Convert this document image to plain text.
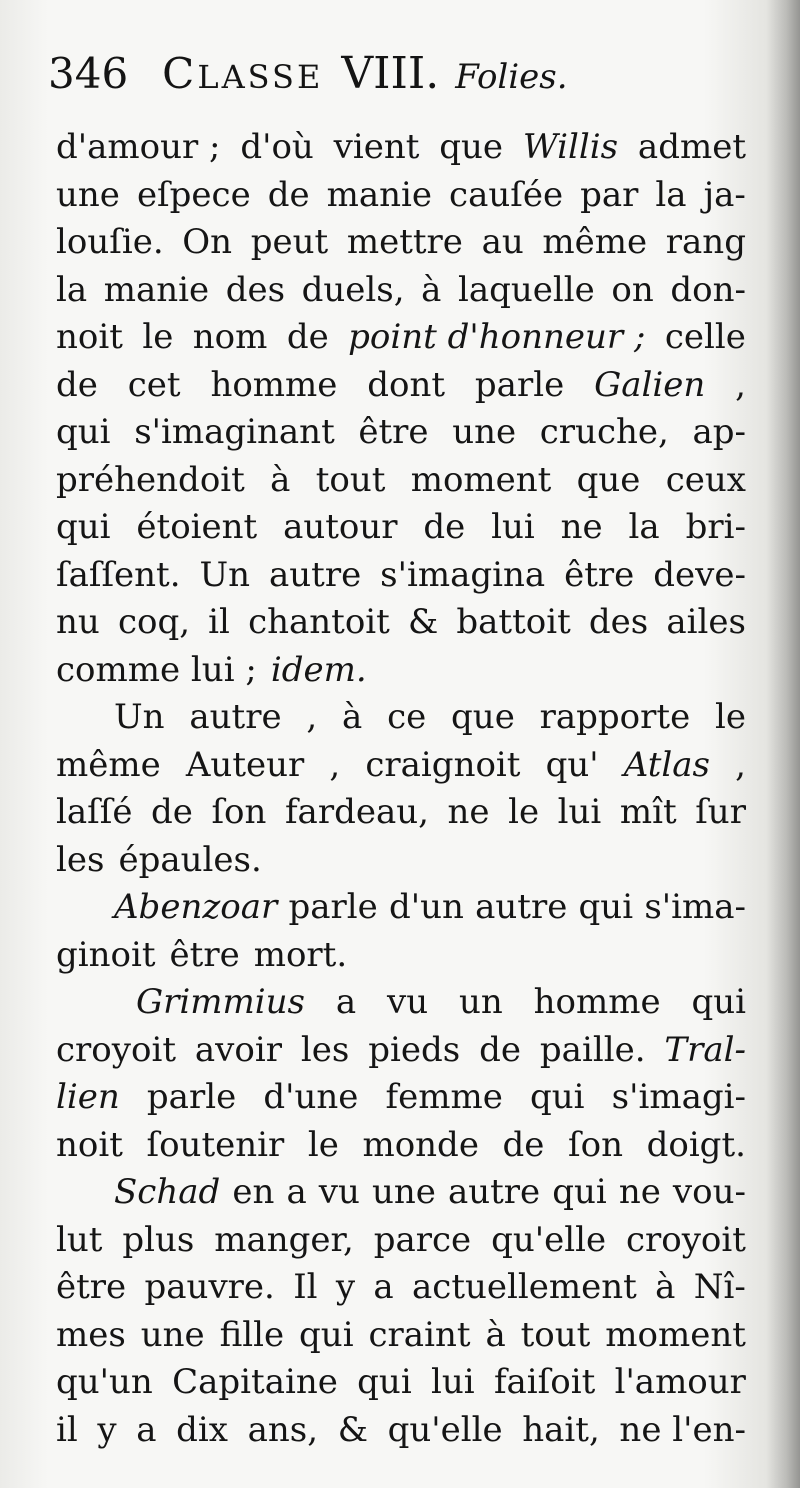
346 CLASSE VIII. Folies.
d'amour ; d'où vient que Willis admet
une eſpece de manie cauſée par la ja-
louſie. On peut mettre au même rang
la manie des duels, à laquelle on don-
noit le nom de point d'honneur ; celle
de cet homme dont parle Galien ,
qui s'imaginant être une cruche, ap-
préhendoit à tout moment que ceux
qui étoient autour de lui ne la bri-
ſaſſent. Un autre s'imagina être deve-
nu coq, il chantoit & battoit des ailes
comme lui ; idem.
Un autre , à ce que rapporte le
même Auteur , craignoit qu' Atlas ,
laſſé de ſon fardeau, ne le lui mît ſur
les épaules.
Abenzoar parle d'un autre qui s'ima-
ginoit être mort.
Grimmius a vu un homme qui
croyoit avoir les pieds de paille. Tral-
lien parle d'une femme qui s'imagi-
noit ſoutenir le monde de ſon doigt.
Schad en a vu une autre qui ne vou-
lut plus manger, parce qu'elle croyoit
être pauvre. Il y a actuellement à Nî-
mes une fille qui craint à tout moment
qu'un Capitaine qui lui faiſoit l'amour
il y a dix ans, & qu'elle hait, ne l'en-
